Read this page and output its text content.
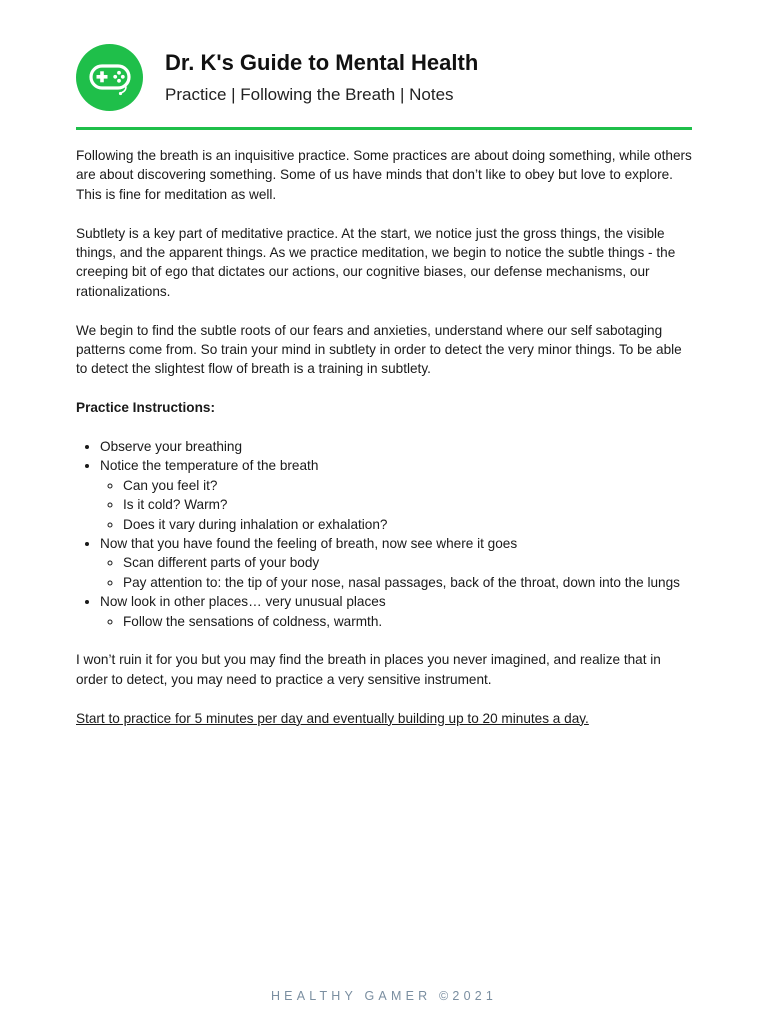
Dr. K's Guide to Mental Health
Practice | Following the Breath | Notes

Following the breath is an inquisitive practice. Some practices are about doing something, while others are about discovering something. Some of us have minds that don’t like to obey but love to explore. This is fine for meditation as well.

Subtlety is a key part of meditative practice. At the start, we notice just the gross things, the visible things, and the apparent things. As we practice meditation, we begin to notice the subtle things - the creeping bit of ego that dictates our actions, our cognitive biases, our defense mechanisms, our rationalizations.

We begin to find the subtle roots of our fears and anxieties, understand where our self sabotaging patterns come from. So train your mind in subtlety in order to detect the very minor things. To be able to detect the slightest flow of breath is a training in subtlety.

Practice Instructions:

• Observe your breathing
• Notice the temperature of the breath
◦ Can you feel it?
◦ Is it cold? Warm?
◦ Does it vary during inhalation or exhalation?
• Now that you have found the feeling of breath, now see where it goes
◦ Scan different parts of your body
◦ Pay attention to: the tip of your nose, nasal passages, back of the throat, down into the lungs
• Now look in other places… very unusual places
◦ Follow the sensations of coldness, warmth.

I won’t ruin it for you but you may find the breath in places you never imagined, and realize that in order to detect, you may need to practice a very sensitive instrument.

Start to practice for 5 minutes per day and eventually building up to 20 minutes a day.

HEALTHY GAMER ©2021
